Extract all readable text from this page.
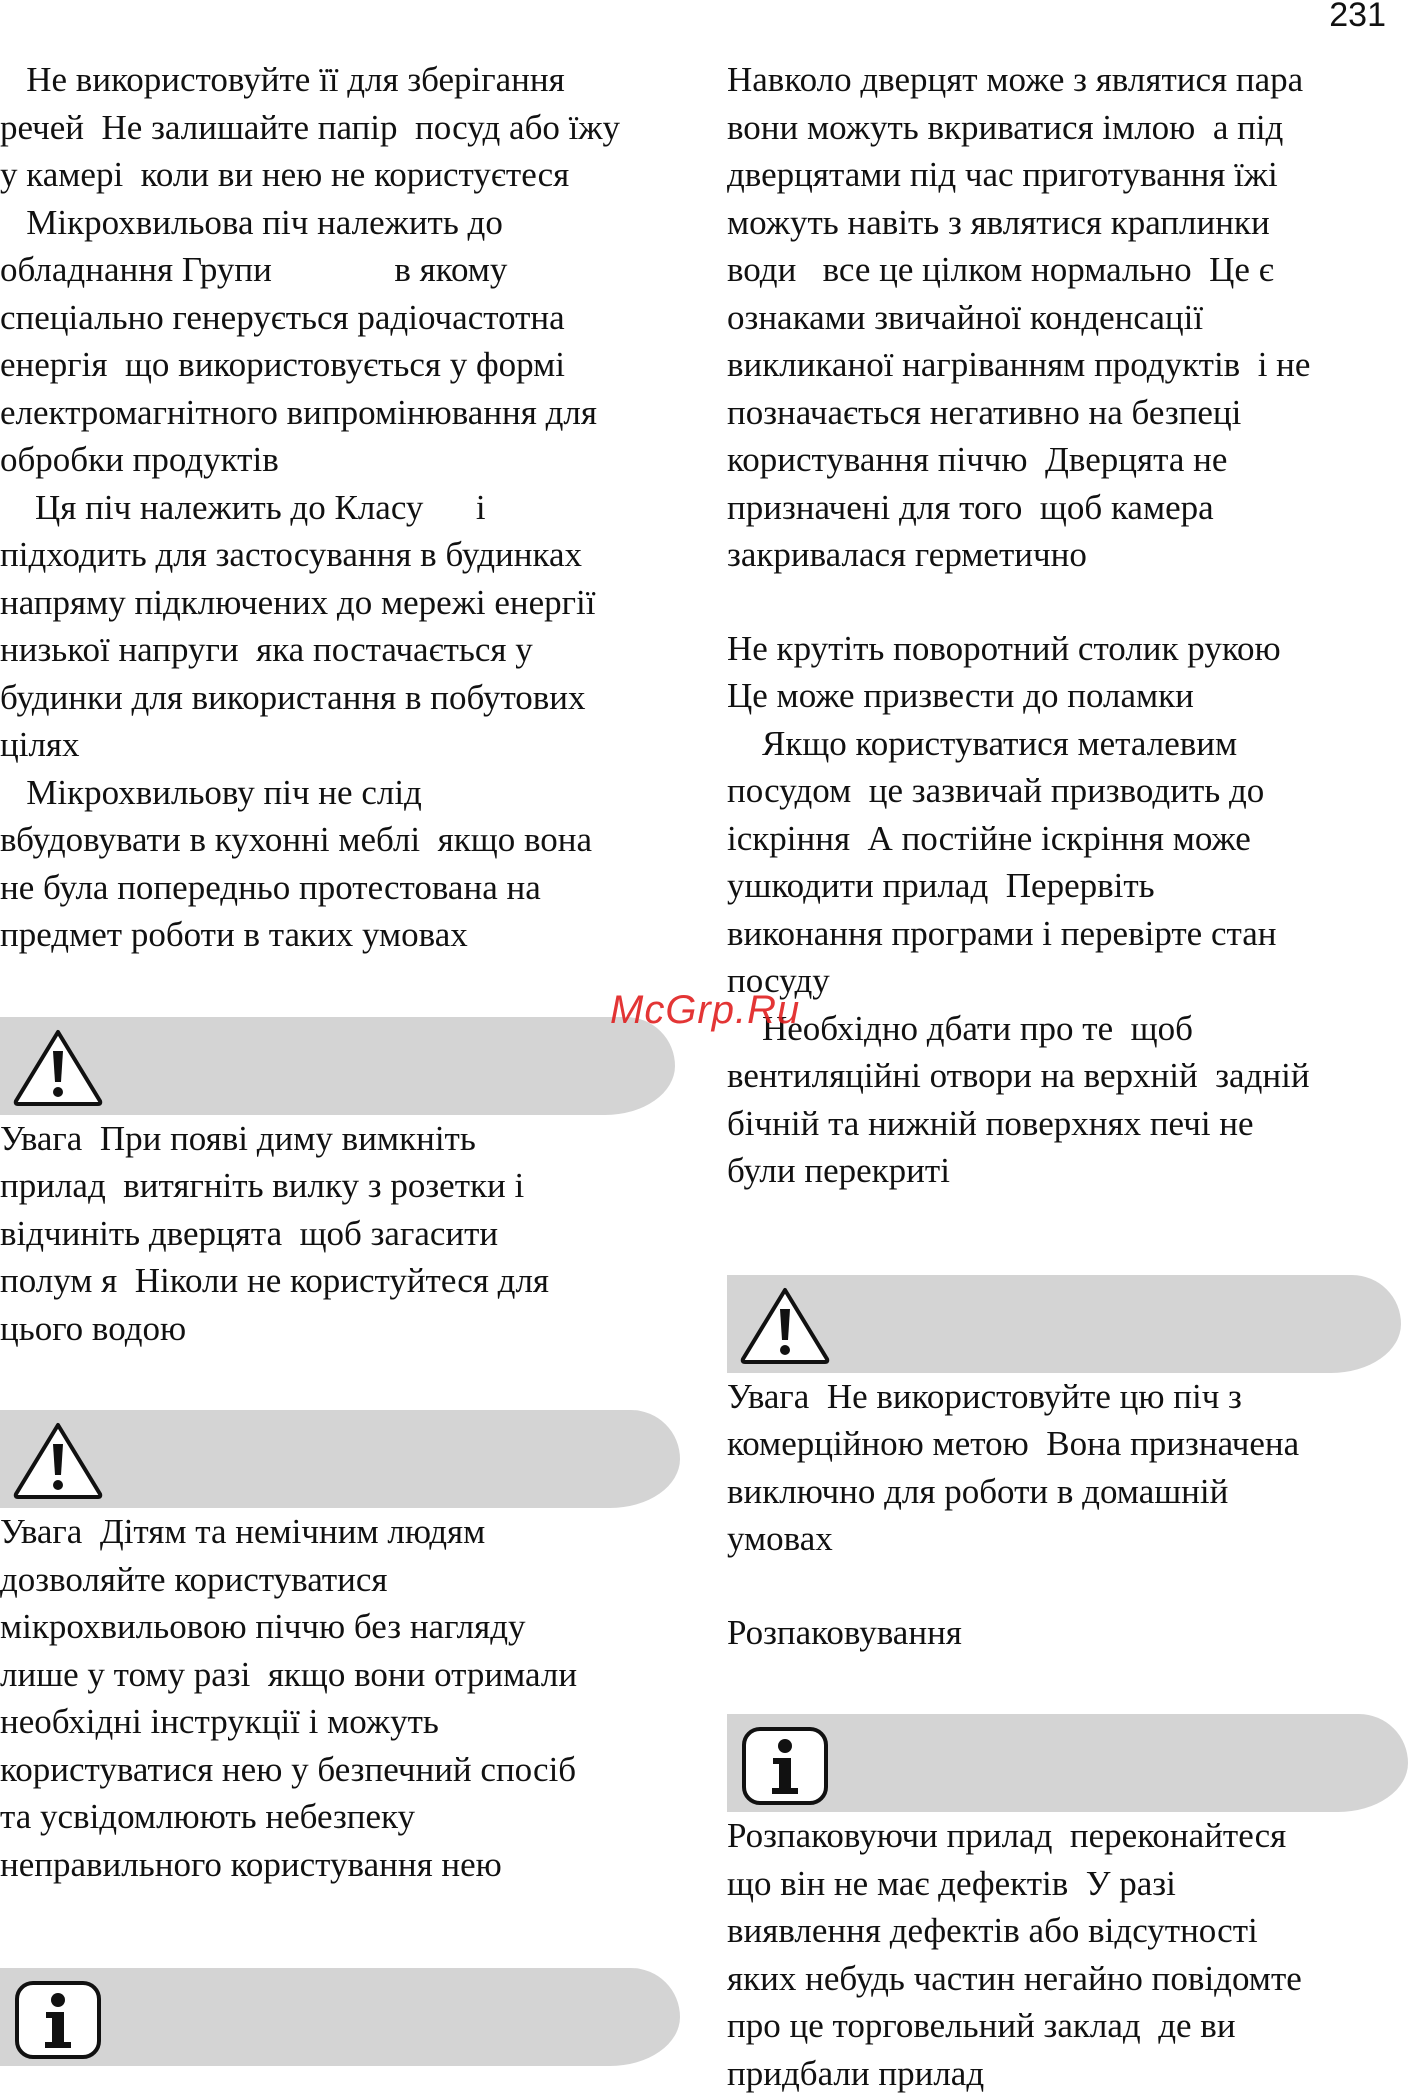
231

Не використовуйте її для зберігання
речей  Не залишайте папір  посуд або їжу
у камері  коли ви нею не користуєтеся

Мікрохвильова піч належить до
обладнання Групи              в якому
спеціально генерується радіочастотна
енергія  що використовується у формі
електромагнітного випромінювання для
обробки продуктів

Ця піч належить до Класу      і
підходить для застосування в будинках
напряму підключених до мережі енергії
низької напруги  яка постачається у
будинки для використання в побутових
цілях

Мікрохвильову піч не слід
вбудовувати в кухонні меблі  якщо вона
не була попередньо протестована на
предмет роботи в таких умовах

Увага  При появі диму вимкніть
прилад  витягніть вилку з розетки і
відчиніть дверцята  щоб загасити
полум я  Ніколи не користуйтеся для
цього водою

Увага  Дітям та немічним людям
дозволяйте користуватися
мікрохвильовою піччю без нагляду
лише у тому разі  якщо вони отримали
необхідні інструкції і можуть
користуватися нею у безпечний спосіб
та усвідомлюють небезпеку
неправильного користування нею

Навколо дверцят може з являтися пара
вони можуть вкриватися імлою  а під
дверцятами під час приготування їжі
можуть навіть з являтися краплинки
води   все це цілком нормально  Це є
ознаками звичайної конденсації
викликаної нагріванням продуктів  і не
позначається негативно на безпеці
користування піччю  Дверцята не
призначені для того  щоб камера
закривалася герметично

Не крутіть поворотний столик рукою
Це може призвести до поламки

Якщо користуватися металевим
посудом  це зазвичай призводить до
іскріння  А постійне іскріння може
ушкодити прилад  Перервіть
виконання програми і перевірте стан
посуду

Необхідно дбати про те  щоб
вентиляційні отвори на верхній  задній
бічній та нижній поверхнях печі не
були перекриті

Увага  Не використовуйте цю піч з
комерційною метою  Вона призначена
виключно для роботи в домашній
умовах

Розпаковування

Розпаковуючи прилад  переконайтеся
що він не має дефектів  У разі
виявлення дефектів або відсутності
яких небудь частин негайно повідомте
про це торговельний заклад  де ви
придбали прилад

McGrp.Ru
